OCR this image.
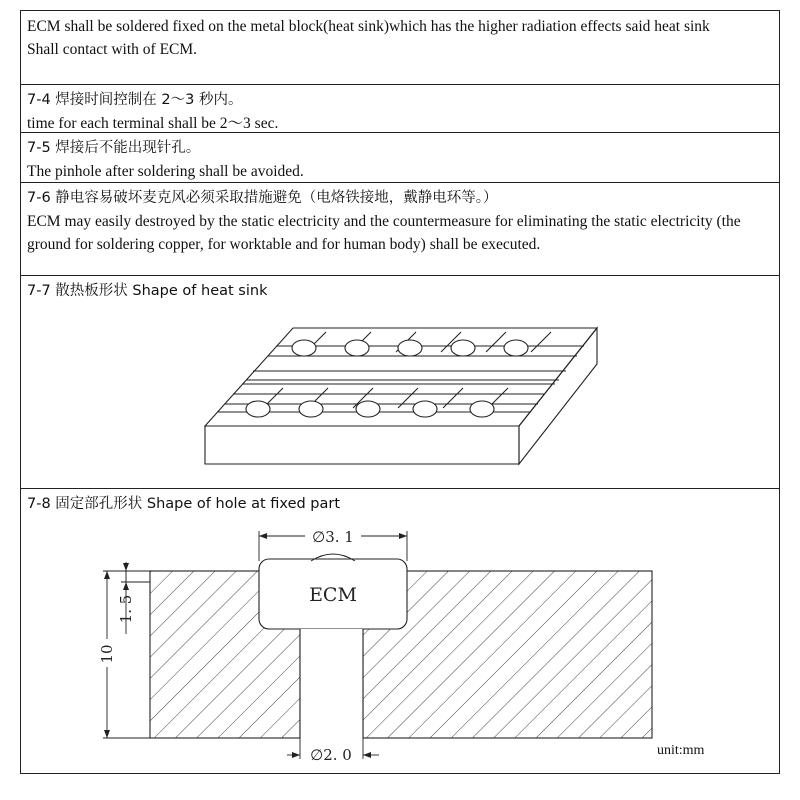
ECM shall be soldered fixed on the metal block(heat sink)which has the higher radiation effects said heat sink
Shall contact with of ECM.
7-4 焊接时间控制在 2～3 秒内。
time for each terminal shall be 2～3 sec.
7-5 焊接后不能出现针孔。
The pinhole after soldering shall be avoided.
7-6 静电容易破坏麦克风必须采取措施避免（电烙铁接地，戴静电环等。）
ECM may easily destroyed by the static electricity and the countermeasure for eliminating the static electricity (the ground for soldering copper, for worktable and for human body) shall be executed.
7-7 散热板形状 Shape of heat sink
7-8 固定部孔形状 Shape of hole at fixed part
∅3. 1
∅2. 0
10
1. 5	ECM
unit:mm
